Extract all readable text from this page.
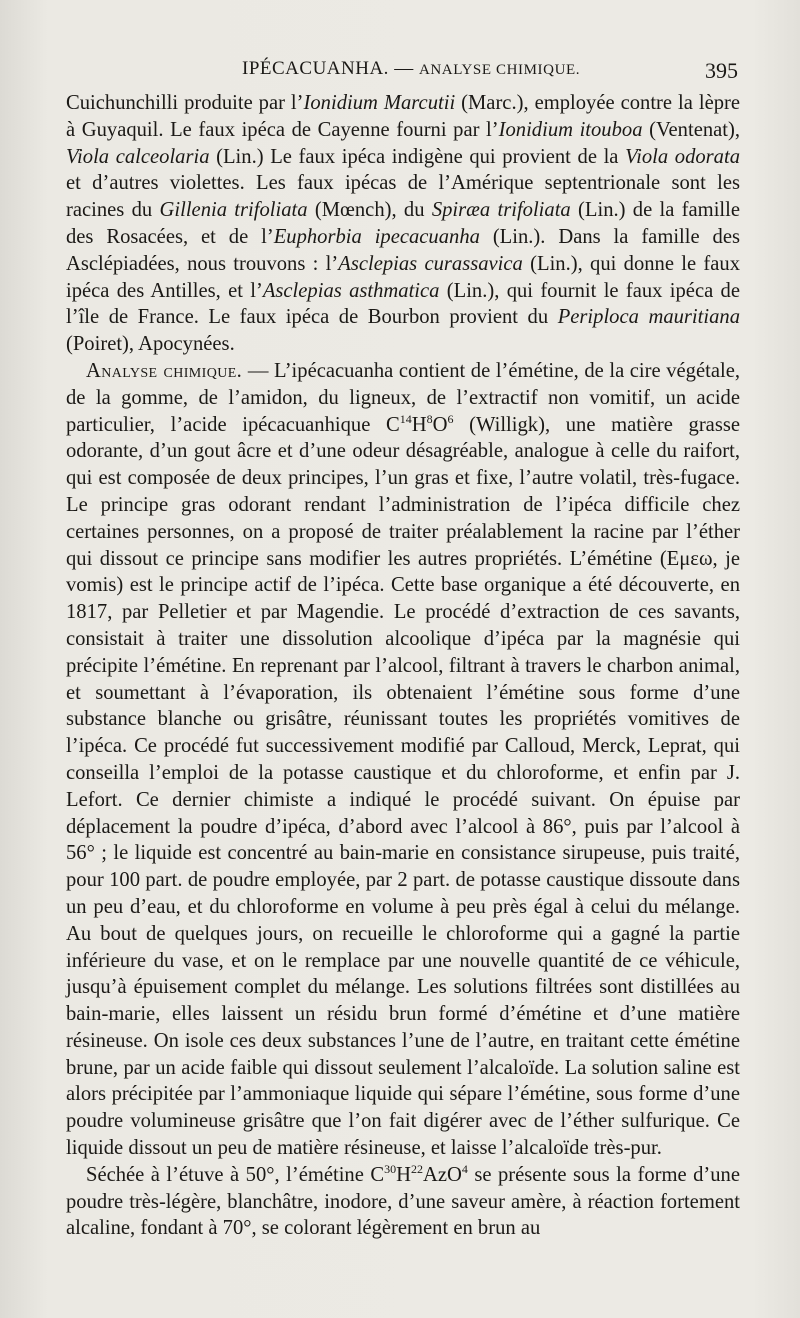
IPÉCACUANHA. — ANALYSE CHIMIQUE.	395

Cuichunchilli produite par l’Ionidium Marcutii (Marc.), employée contre la lèpre à Guyaquil. Le faux ipéca de Cayenne fourni par l’Ionidium itouboa (Ventenat), Viola calceolaria (Lin.) Le faux ipéca indigène qui provient de la Viola odorata et d’autres violettes. Les faux ipécas de l’Amérique septentrionale sont les racines du Gillenia trifoliata (Mœnch), du Spiræa trifoliata (Lin.) de la famille des Rosacées, et de l’Euphorbia ipecacuanha (Lin.). Dans la famille des Asclépiadées, nous trouvons : l’Asclepias curassavica (Lin.), qui donne le faux ipéca des Antilles, et l’Asclepias asthmatica (Lin.), qui fournit le faux ipéca de l’île de France. Le faux ipéca de Bourbon provient du Periploca mauritiana (Poiret), Apocynées.

Analyse chimique. — L’ipécacuanha contient de l’émétine, de la cire végétale, de la gomme, de l’amidon, du ligneux, de l’extractif non vomitif, un acide particulier, l’acide ipécacuanhique $C^{14}H^8O^6$ (Willigk), une matière grasse odorante, d’un gout âcre et d’une odeur désagréable, analogue à celle du raifort, qui est composée de deux principes, l’un gras et fixe, l’autre volatil, très-fugace. Le principe gras odorant rendant l’administration de l’ipéca difficile chez certaines personnes, on a proposé de traiter préalablement la racine par l’éther qui dissout ce principe sans modifier les autres propriétés. L’émétine (Εμεω, je vomis) est le principe actif de l’ipéca. Cette base organique a été découverte, en 1817, par Pelletier et par Magendie. Le procédé d’extraction de ces savants, consistait à traiter une dissolution alcoolique d’ipéca par la magnésie qui précipite l’émétine. En reprenant par l’alcool, filtrant à travers le charbon animal, et soumettant à l’évaporation, ils obtenaient l’émétine sous forme d’une substance blanche ou grisâtre, réunissant toutes les propriétés vomitives de l’ipéca. Ce procédé fut successivement modifié par Calloud, Merck, Leprat, qui conseilla l’emploi de la potasse caustique et du chloroforme, et enfin par J. Lefort. Ce dernier chimiste a indiqué le procédé suivant. On épuise par déplacement la poudre d’ipéca, d’abord avec l’alcool à 86°, puis par l’alcool à 56° ; le liquide est concentré au bain-marie en consistance sirupeuse, puis traité, pour 100 part. de poudre employée, par 2 part. de potasse caustique dissoute dans un peu d’eau, et du chloroforme en volume à peu près égal à celui du mélange. Au bout de quelques jours, on recueille le chloroforme qui a gagné la partie inférieure du vase, et on le remplace par une nouvelle quantité de ce véhicule, jusqu’à épuisement complet du mélange. Les solutions filtrées sont distillées au bain-marie, elles laissent un résidu brun formé d’émétine et d’une matière résineuse. On isole ces deux substances l’une de l’autre, en traitant cette émétine brune, par un acide faible qui dissout seulement l’alcaloïde. La solution saline est alors précipitée par l’ammoniaque liquide qui sépare l’émétine, sous forme d’une poudre volumineuse grisâtre que l’on fait digérer avec de l’éther sulfurique. Ce liquide dissout un peu de matière résineuse, et laisse l’alcaloïde très-pur.

Séchée à l’étuve à 50°, l’émétine $C^{30}H^{22}AzO^4$ se présente sous la forme d’une poudre très-légère, blanchâtre, inodore, d’une saveur amère, à réaction fortement alcaline, fondant à 70°, se colorant légèrement en brun au
